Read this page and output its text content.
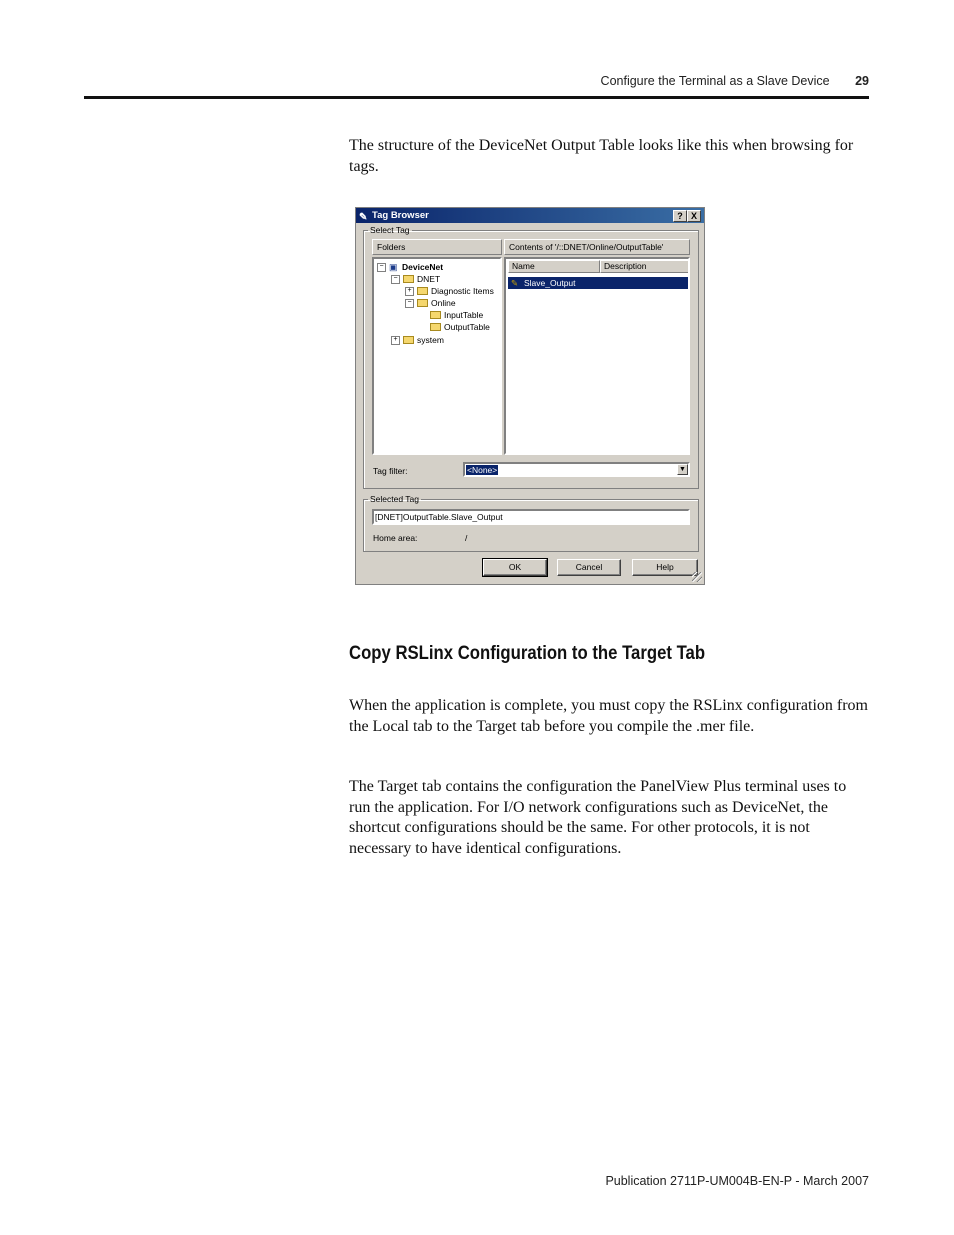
Configure the Terminal as a Slave Device 29
The structure of the DeviceNet Output Table looks like this when browsing for tags.
✎ Tag Browser	? X
Select Tag
Folders	Contents of '/::DNET/Online/OutputTable'
− ▣ DeviceNet
− DNET
+ Diagnostic Items
− Online
InputTable
OutputTable
+ system
Name	Description
✎ Slave_Output
Tag filter:	<None>	▼
Selected Tag
[DNET]OutputTable.Slave_Output
Home area:	/
OK	Cancel	Help
Copy RSLinx Configuration to the Target Tab
When the application is complete, you must copy the RSLinx configuration from the Local tab to the Target tab before you compile the .mer file.
The Target tab contains the configuration the PanelView Plus terminal uses to run the application. For I/O network configurations such as DeviceNet, the shortcut configurations should be the same. For other protocols, it is not necessary to have identical configurations.
Publication 2711P-UM004B-EN-P - March 2007
